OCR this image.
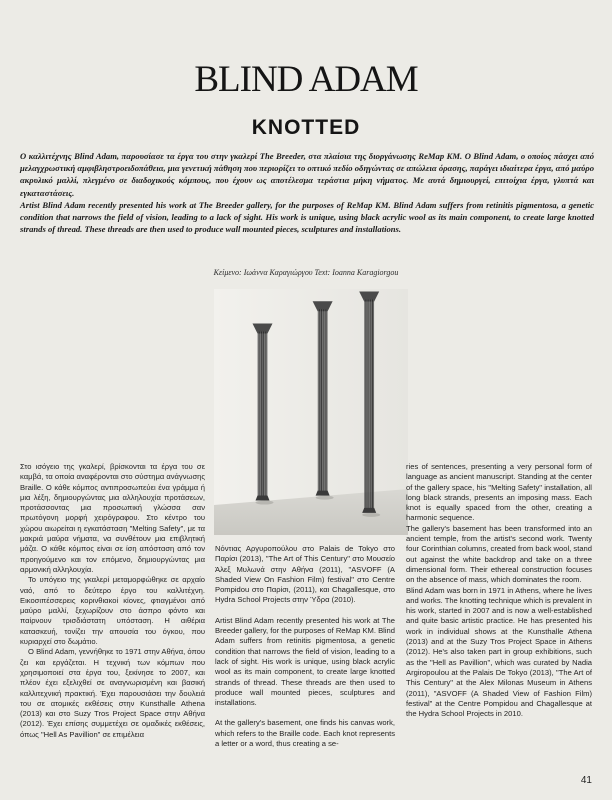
BLIND ADAM
KNOTTED

Ο καλλιτέχνης Blind Adam, παρουσίασε τα έργα του στην γκαλερί The Breeder, στα πλαίσια της διοργάνωσης ReMap KM. O Blind Adam, ο οποίος πάσχει από μελαγχρωστική αμφιβληστροειδοπάθεια, μια γενετική πάθηση που περιορίζει το οπτικό πεδίο οδηγώντας σε απώλεια όρασης, παράγει ιδιαίτερα έργα, από μαύρο ακρυλικό μαλλί, πλεγμένο σε διαδοχικούς κόμπους, που έχουν ως αποτέλεσμα τεράστια μήκη νήματος. Με αυτά δημιουργεί, επιτοίχια έργα, γλυπτά και εγκαταστάσεις.

Artist Blind Adam recently presented his work at The Breeder gallery, for the purposes of ReMap KM. Blind Adam suffers from retinitis pigmentosa, a genetic condition that narrows the field of vision, leading to a lack of sight. His work is unique, using black acrylic wool as its main component, to create large knotted strands of thread. These threads are then used to produce wall mounted pieces, sculptures and installations.

Κείμενο: Ιωάννα Καραγιώργου Text: Ioanna Karagiorgou

Στο ισόγειο της γκαλερί, βρίσκονται τα έργα του σε καμβά, τα οποία αναφέρονται στο σύστημα ανάγνωσης Braille. Ο κάθε κόμπος αντιπροσωπεύει ένα γράμμα ή μια λέξη, δημιουργώντας μια αλληλουχία προτάσεων, προτάσσοντας μια προσωπική γλώσσα σαν πρωτόγονη μορφή χειρόγραφου. Στο κέντρο του χώρου αιωρείται η εγκατάσταση "Melting Safety", με τα μακριά μαύρα νήματα, να συνθέτουν μια επιβλητική μάζα. Ο κάθε κόμπος είναι σε ίση απόσταση από τον προηγούμενο και τον επόμενο, δημιουργώντας μια αρμονική αλληλουχία.

Το υπόγειο της γκαλερί μεταμορφώθηκε σε αρχαίο ναό, από το δεύτερο έργο του καλλιτέχνη. Εικοσιπέσσερεις κορινθιακοί κίονες, φτιαγμένοι από μαύρο μαλλί, ξεχωρίζουν στο άσπρο φόντο και παίρνουν τρισδιάστατη υπόσταση. Η αιθέρια κατασκευή, τονίζει την απουσία του όγκου, που κυριαρχεί στο δωμάτιο.

Ο Blind Adam, γεννήθηκε το 1971 στην Αθήνα, όπου ζει και εργάζεται. Η τεχνική των κόμπων που χρησιμοποιεί στα έργα του, ξεκίνησε το 2007, και πλέον έχει εξελιχθεί σε αναγνωρισμένη και βασική καλλιτεχνική πρακτική. Έχει παρουσιάσει την δουλειά του σε ατομικές εκθέσεις στην Kunsthalle Athena (2013) και στο Suzy Tros Project Space στην Αθήνα (2012). Έχει επίσης συμμετέχει σε ομαδικές εκθέσεις, όπως "Hell As Pavillion" σε επιμέλεια

Νόντιας Αργυροπούλου στο Palais de Tokyo στο Παρίσι (2013), "The Art of This Century" στο Μουσείο Άλεξ Μυλωνά στην Αθήνα (2011), "ASVOFF (A Shaded View On Fashion Film) festival" στο Centre Pompidou στο Παρίσι, (2011), και Chagallesque, στο Hydra School Projects στην Ύδρα (2010).

Artist Blind Adam recently presented his work at The Breeder gallery, for the purposes of ReMap KM. Blind Adam suffers from retinitis pigmentosa, a genetic condition that narrows the field of vision, leading to a lack of sight. His work is unique, using black acrylic wool as its main component, to create large knotted strands of thread. These threads are then used to produce wall mounted pieces, sculptures and installations.

At the gallery's basement, one finds his canvas work, which refers to the Braille code. Each knot represents a letter or a word, thus creating a se-

ries of sentences, presenting a very personal form of language as ancient manuscript. Standing at the center of the gallery space, his "Melting Safety" installation, all long black strands, presents an imposing mass. Each knot is equally spaced from the other, creating a harmonic sequence.

The gallery's basement has been transformed into an ancient temple, from the artist's second work. Twenty four Corinthian columns, created from back wool, stand out against the white backdrop and take on a three dimensional form. Their ethereal construction focuses on the absence of mass, which dominates the room.

Blind Adam was born in 1971 in Athens, where he lives and works. The knotting technique which is prevalent in his work, started in 2007 and is now a well-established and quite basic artistic practice. He has presented his work in individual shows at the Kunsthalle Athena (2013) and at the Suzy Tros Project Space in Athens (2012). He's also taken part in group exhibitions, such as the "Hell as Pavillion", which was curated by Nadia Argiropoulou at the Palais De Tokyo (2013), "The Art of This Century" at the Alex Milonas Museum in Athens (2011), "ASVOFF (A Shaded View of Fashion Film) festival" at the Centre Pompidou and Chagallesque at the Hydra School Projects in 2010.

41
